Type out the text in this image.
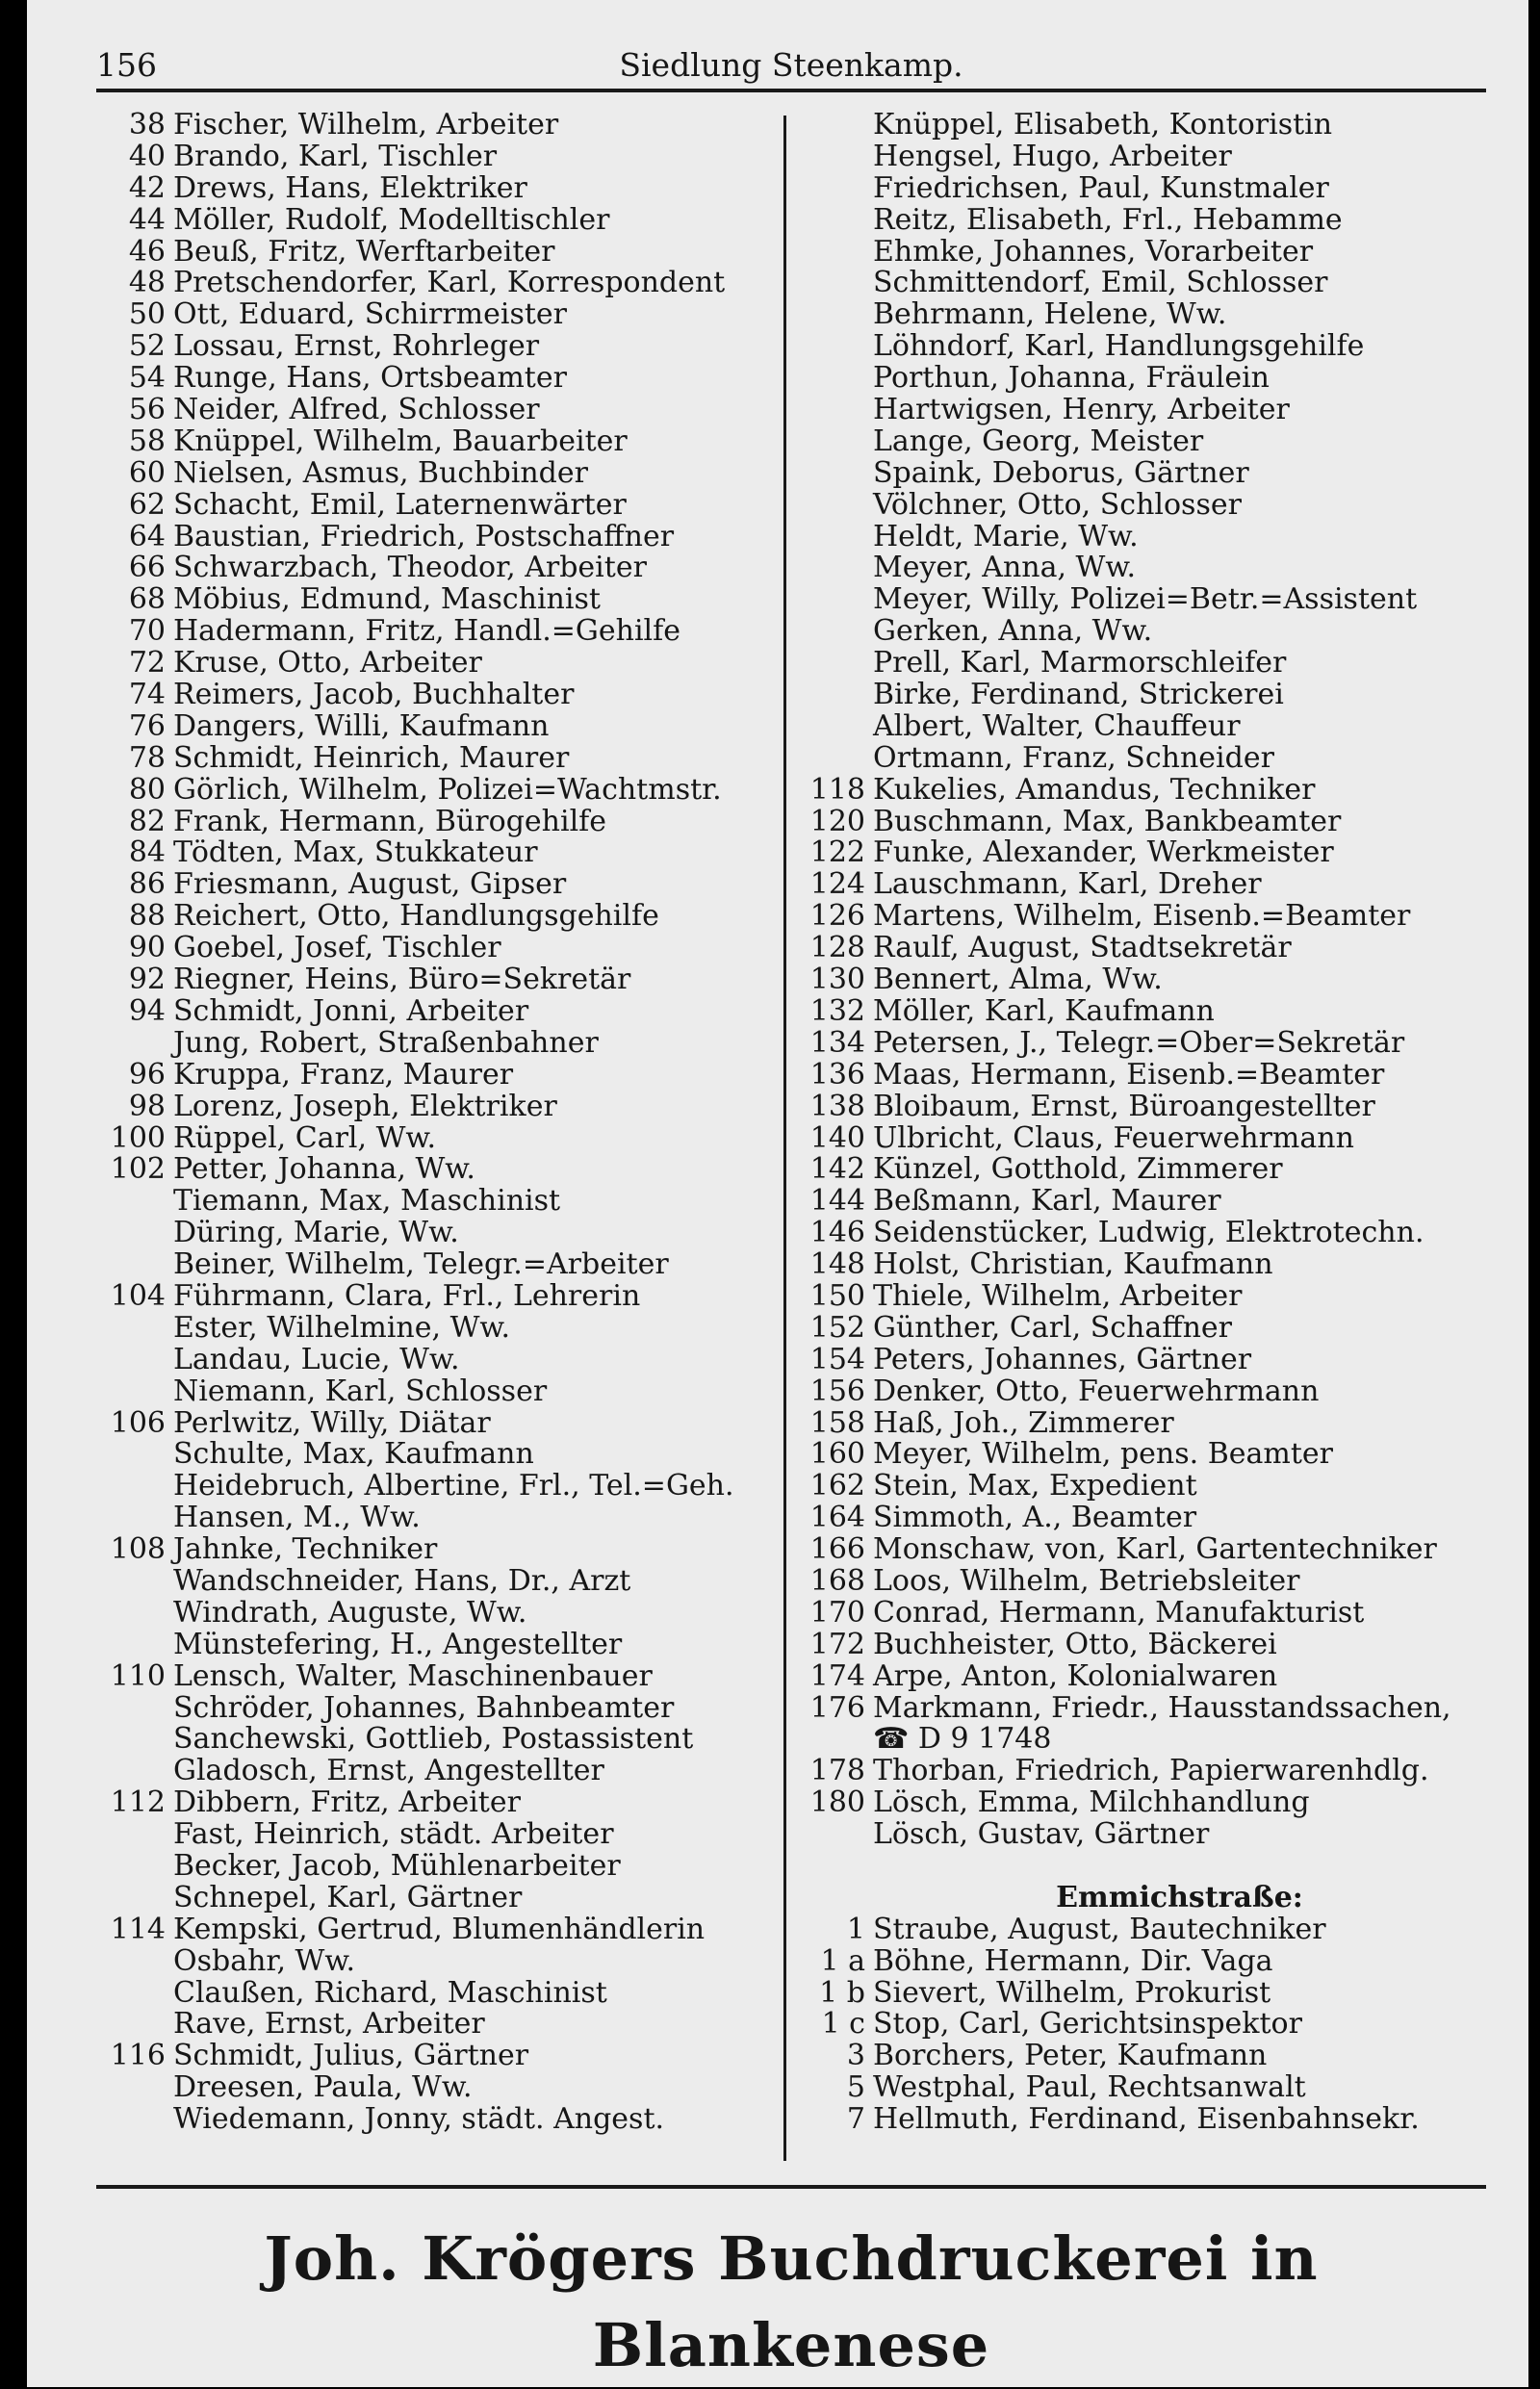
156	Siedlung Steenkamp.
38 Fischer, Wilhelm, Arbeiter
40 Brando, Karl, Tischler
42 Drews, Hans, Elektriker
44 Möller, Rudolf, Modelltischler
46 Beuß, Fritz, Werftarbeiter
48 Pretschendorfer, Karl, Korrespondent
50 Ott, Eduard, Schirrmeister
52 Lossau, Ernst, Rohrleger
54 Runge, Hans, Ortsbeamter
56 Neider, Alfred, Schlosser
58 Knüppel, Wilhelm, Bauarbeiter
60 Nielsen, Asmus, Buchbinder
62 Schacht, Emil, Laternenwärter
64 Baustian, Friedrich, Postschaffner
66 Schwarzbach, Theodor, Arbeiter
68 Möbius, Edmund, Maschinist
70 Hadermann, Fritz, Handl.=Gehilfe
72 Kruse, Otto, Arbeiter
74 Reimers, Jacob, Buchhalter
76 Dangers, Willi, Kaufmann
78 Schmidt, Heinrich, Maurer
80 Görlich, Wilhelm, Polizei=Wachtmstr.
82 Frank, Hermann, Bürogehilfe
84 Tödten, Max, Stukkateur
86 Friesmann, August, Gipser
88 Reichert, Otto, Handlungsgehilfe
90 Goebel, Josef, Tischler
92 Riegner, Heins, Büro=Sekretär
94 Schmidt, Jonni, Arbeiter
Jung, Robert, Straßenbahner
96 Kruppa, Franz, Maurer
98 Lorenz, Joseph, Elektriker
100 Rüppel, Carl, Ww.
102 Petter, Johanna, Ww.
Tiemann, Max, Maschinist
Düring, Marie, Ww.
Beiner, Wilhelm, Telegr.=Arbeiter
104 Führmann, Clara, Frl., Lehrerin
Ester, Wilhelmine, Ww.
Landau, Lucie, Ww.
Niemann, Karl, Schlosser
106 Perlwitz, Willy, Diätar
Schulte, Max, Kaufmann
Heidebruch, Albertine, Frl., Tel.=Geh.
Hansen, M., Ww.
108 Jahnke, Techniker
Wandschneider, Hans, Dr., Arzt
Windrath, Auguste, Ww.
Münstefering, H., Angestellter
110 Lensch, Walter, Maschinenbauer
Schröder, Johannes, Bahnbeamter
Sanchewski, Gottlieb, Postassistent
Gladosch, Ernst, Angestellter
112 Dibbern, Fritz, Arbeiter
Fast, Heinrich, städt. Arbeiter
Becker, Jacob, Mühlenarbeiter
Schnepel, Karl, Gärtner
114 Kempski, Gertrud, Blumenhändlerin
Osbahr, Ww.
Claußen, Richard, Maschinist
Rave, Ernst, Arbeiter
116 Schmidt, Julius, Gärtner
Dreesen, Paula, Ww.
Wiedemann, Jonny, städt. Angest.
Knüppel, Elisabeth, Kontoristin
Hengsel, Hugo, Arbeiter
Friedrichsen, Paul, Kunstmaler
Reitz, Elisabeth, Frl., Hebamme
Ehmke, Johannes, Vorarbeiter
Schmittendorf, Emil, Schlosser
Behrmann, Helene, Ww.
Löhndorf, Karl, Handlungsgehilfe
Porthun, Johanna, Fräulein
Hartwigsen, Henry, Arbeiter
Lange, Georg, Meister
Spaink, Deborus, Gärtner
Völchner, Otto, Schlosser
Heldt, Marie, Ww.
Meyer, Anna, Ww.
Meyer, Willy, Polizei=Betr.=Assistent
Gerken, Anna, Ww.
Prell, Karl, Marmorschleifer
Birke, Ferdinand, Strickerei
Albert, Walter, Chauffeur
Ortmann, Franz, Schneider
118 Kukelies, Amandus, Techniker
120 Buschmann, Max, Bankbeamter
122 Funke, Alexander, Werkmeister
124 Lauschmann, Karl, Dreher
126 Martens, Wilhelm, Eisenb.=Beamter
128 Raulf, August, Stadtsekretär
130 Bennert, Alma, Ww.
132 Möller, Karl, Kaufmann
134 Petersen, J., Telegr.=Ober=Sekretär
136 Maas, Hermann, Eisenb.=Beamter
138 Bloibaum, Ernst, Büroangestellter
140 Ulbricht, Claus, Feuerwehrmann
142 Künzel, Gotthold, Zimmerer
144 Beßmann, Karl, Maurer
146 Seidenstücker, Ludwig, Elektrotechn.
148 Holst, Christian, Kaufmann
150 Thiele, Wilhelm, Arbeiter
152 Günther, Carl, Schaffner
154 Peters, Johannes, Gärtner
156 Denker, Otto, Feuerwehrmann
158 Haß, Joh., Zimmerer
160 Meyer, Wilhelm, pens. Beamter
162 Stein, Max, Expedient
164 Simmoth, A., Beamter
166 Monschaw, von, Karl, Gartentechniker
168 Loos, Wilhelm, Betriebsleiter
170 Conrad, Hermann, Manufakturist
172 Buchheister, Otto, Bäckerei
174 Arpe, Anton, Kolonialwaren
176 Markmann, Friedr., Hausstandssachen,
☎ D 9 1748
178 Thorban, Friedrich, Papierwarenhdlg.
180 Lösch, Emma, Milchhandlung
Lösch, Gustav, Gärtner
Emmichstraße:
1 Straube, August, Bautechniker
1 a Böhne, Hermann, Dir. Vaga
1 b Sievert, Wilhelm, Prokurist
1 c Stop, Carl, Gerichtsinspektor
3 Borchers, Peter, Kaufmann
5 Westphal, Paul, Rechtsanwalt
7 Hellmuth, Ferdinand, Eisenbahnsekr.
Joh. Krögers Buchdruckerei in Blankenese
